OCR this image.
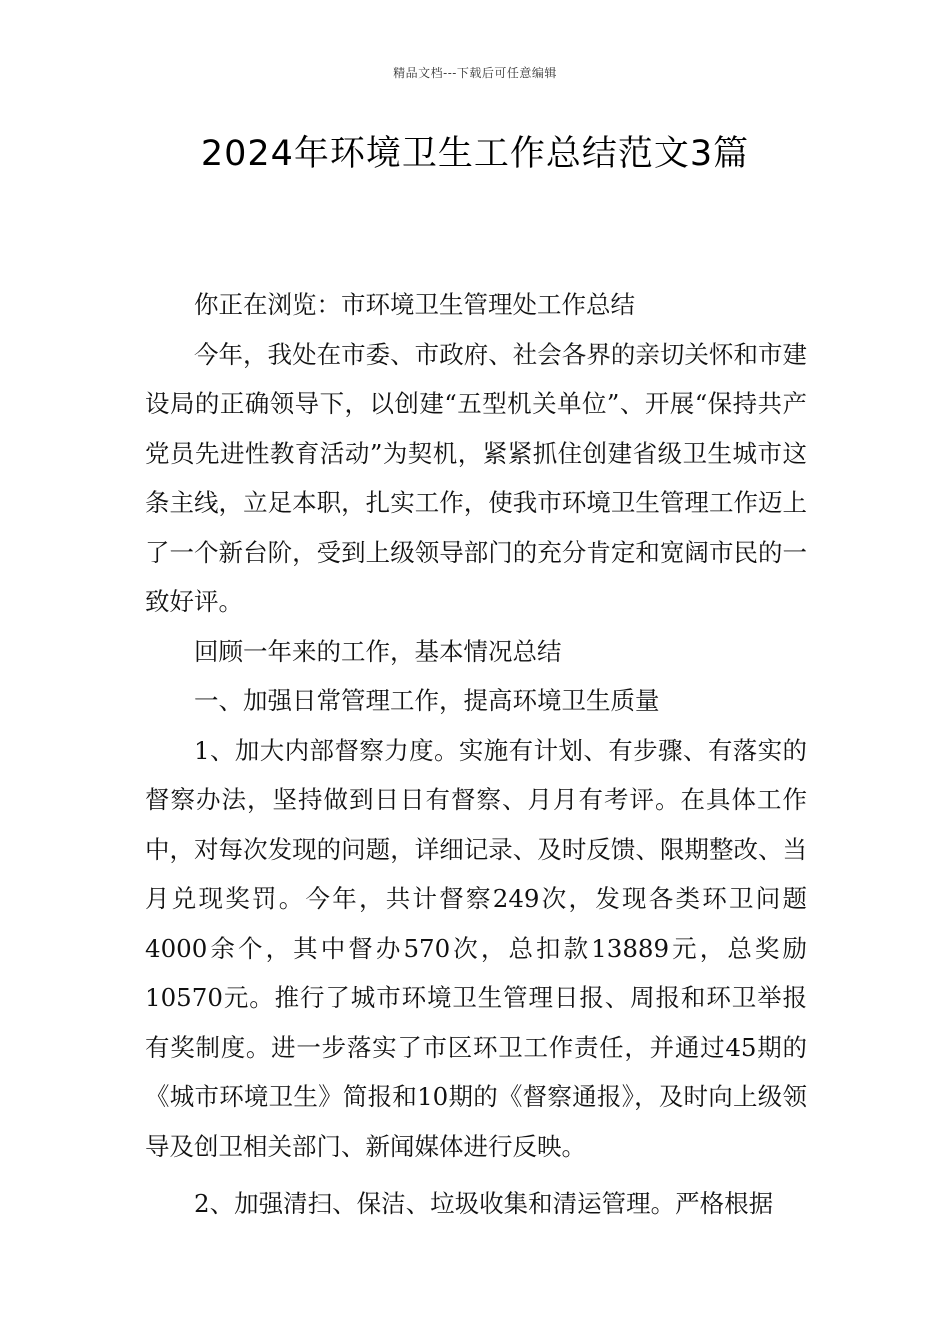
精品文档---下载后可任意编辑
2024年环境卫生工作总结范文3篇

你正在浏览：市环境卫生管理处工作总结

今年，我处在市委、市政府、社会各界的亲切关怀和市建设局的正确领导下，以创建“五型机关单位”、开展“保持共产党员先进性教育活动”为契机，紧紧抓住创建省级卫生城市这条主线，立足本职，扎实工作，使我市环境卫生管理工作迈上了一个新台阶，受到上级领导部门的充分肯定和宽阔市民的一致好评。

回顾一年来的工作，基本情况总结

一、加强日常管理工作，提高环境卫生质量

1、加大内部督察力度。实施有计划、有步骤、有落实的督察办法，坚持做到日日有督察、月月有考评。在具体工作中，对每次发现的问题，详细记录、及时反馈、限期整改、当月兑现奖罚。今年，共计督察249次，发现各类环卫问题4000余个，其中督办570次，总扣款13889元，总奖励10570元。推行了城市环境卫生管理日报、周报和环卫举报有奖制度。进一步落实了市区环卫工作责任，并通过45期的《城市环境卫生》简报和10期的《督察通报》，及时向上级领导及创卫相关部门、新闻媒体进行反映。

2、加强清扫、保洁、垃圾收集和清运管理。严格根据
